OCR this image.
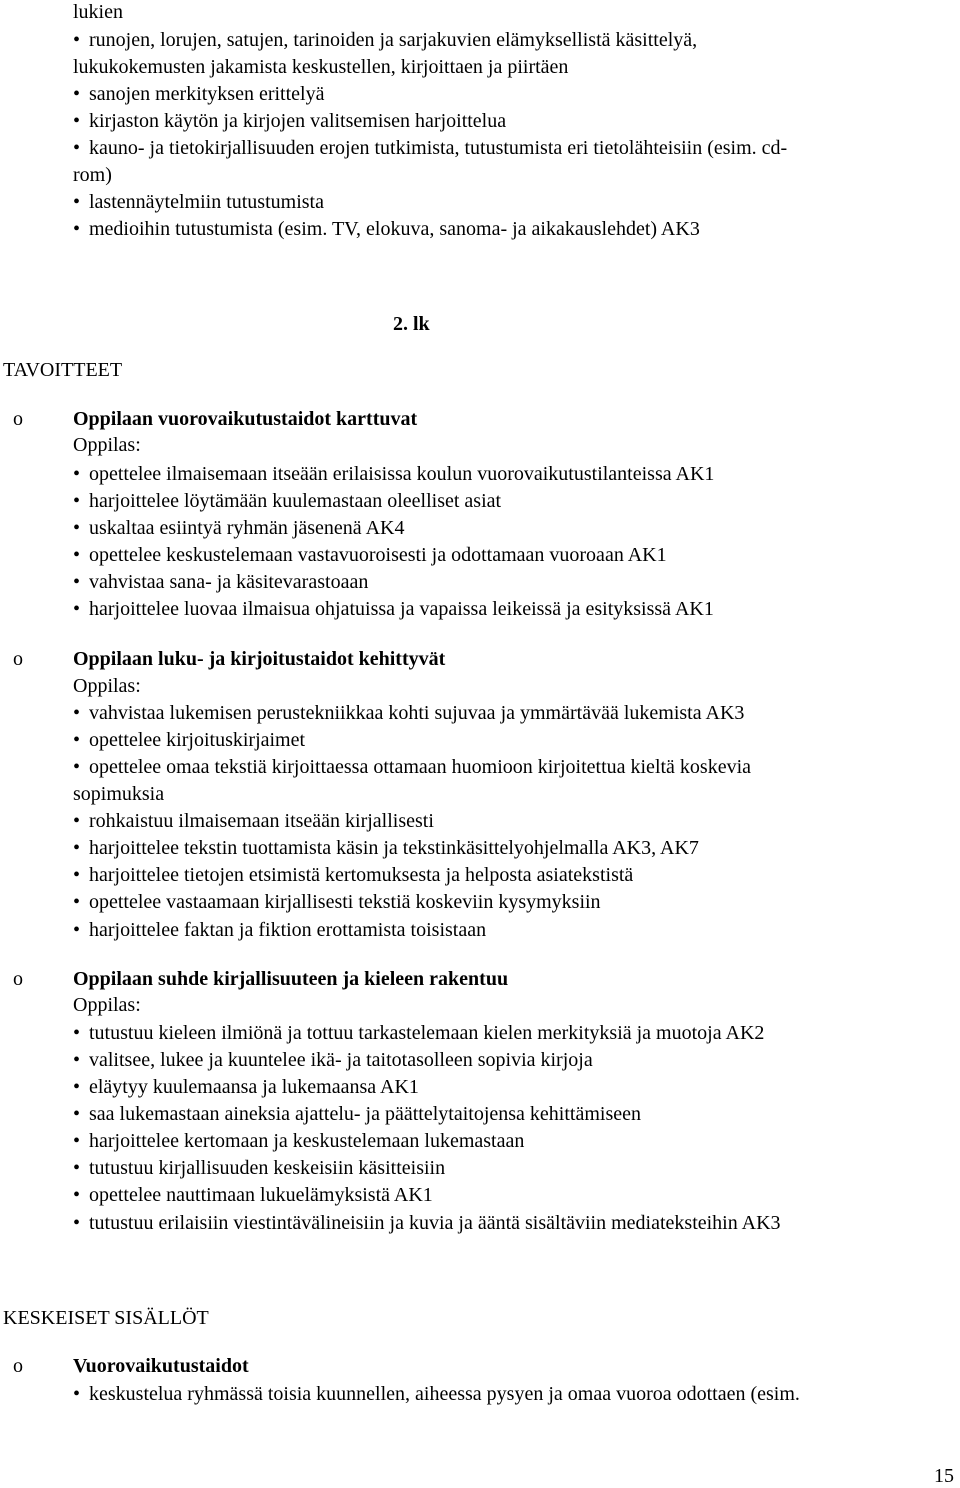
lukien
• runojen, lorujen, satujen, tarinoiden ja sarjakuvien elämyksellistä käsittelyä,
lukukokemusten jakamista keskustellen, kirjoittaen ja piirtäen
• sanojen merkityksen erittelyä
• kirjaston käytön ja kirjojen valitsemisen harjoittelua
• kauno- ja tietokirjallisuuden erojen tutkimista, tutustumista eri tietolähteisiin (esim. cd-
rom)
• lastennäytelmiin tutustumista
• medioihin tutustumista (esim. TV, elokuva, sanoma- ja aikakauslehdet) AK3
2. lk
TAVOITTEET
o	Oppilaan vuorovaikutustaidot karttuvat
Oppilas:
• opettelee ilmaisemaan itseään erilaisissa koulun vuorovaikutustilanteissa AK1
• harjoittelee löytämään kuulemastaan oleelliset asiat
• uskaltaa esiintyä ryhmän jäsenenä AK4
• opettelee keskustelemaan vastavuoroisesti ja odottamaan vuoroaan AK1
• vahvistaa sana- ja käsitevarastoaan
• harjoittelee luovaa ilmaisua ohjatuissa ja vapaissa leikeissä ja esityksissä AK1
o	Oppilaan luku- ja kirjoitustaidot kehittyvät
Oppilas:
• vahvistaa lukemisen perustekniikkaa kohti sujuvaa ja ymmärtävää lukemista AK3
• opettelee kirjoituskirjaimet
• opettelee omaa tekstiä kirjoittaessa ottamaan huomioon kirjoitettua kieltä koskevia
sopimuksia
• rohkaistuu ilmaisemaan itseään kirjallisesti
• harjoittelee tekstin tuottamista käsin ja tekstinkäsittelyohjelmalla AK3, AK7
• harjoittelee tietojen etsimistä kertomuksesta ja helposta asiatekstistä
• opettelee vastaamaan kirjallisesti tekstiä koskeviin kysymyksiin
• harjoittelee faktan ja fiktion erottamista toisistaan
o	Oppilaan suhde kirjallisuuteen ja kieleen rakentuu
Oppilas:
• tutustuu kieleen ilmiönä ja tottuu tarkastelemaan kielen merkityksiä ja muotoja AK2
• valitsee, lukee ja kuuntelee ikä- ja taitotasolleen sopivia kirjoja
• eläytyy kuulemaansa ja lukemaansa AK1
• saa lukemastaan aineksia ajattelu- ja päättelytaitojensa kehittämiseen
• harjoittelee kertomaan ja keskustelemaan lukemastaan
• tutustuu kirjallisuuden keskeisiin käsitteisiin
• opettelee nauttimaan lukuelämyksistä AK1
• tutustuu erilaisiin viestintävälineisiin ja kuvia ja ääntä sisältäviin mediateksteihin AK3
KESKEISET SISÄLLÖT
o	Vuorovaikutustaidot
• keskustelua ryhmässä toisia kuunnellen, aiheessa pysyen ja omaa vuoroa odottaen (esim.
15
